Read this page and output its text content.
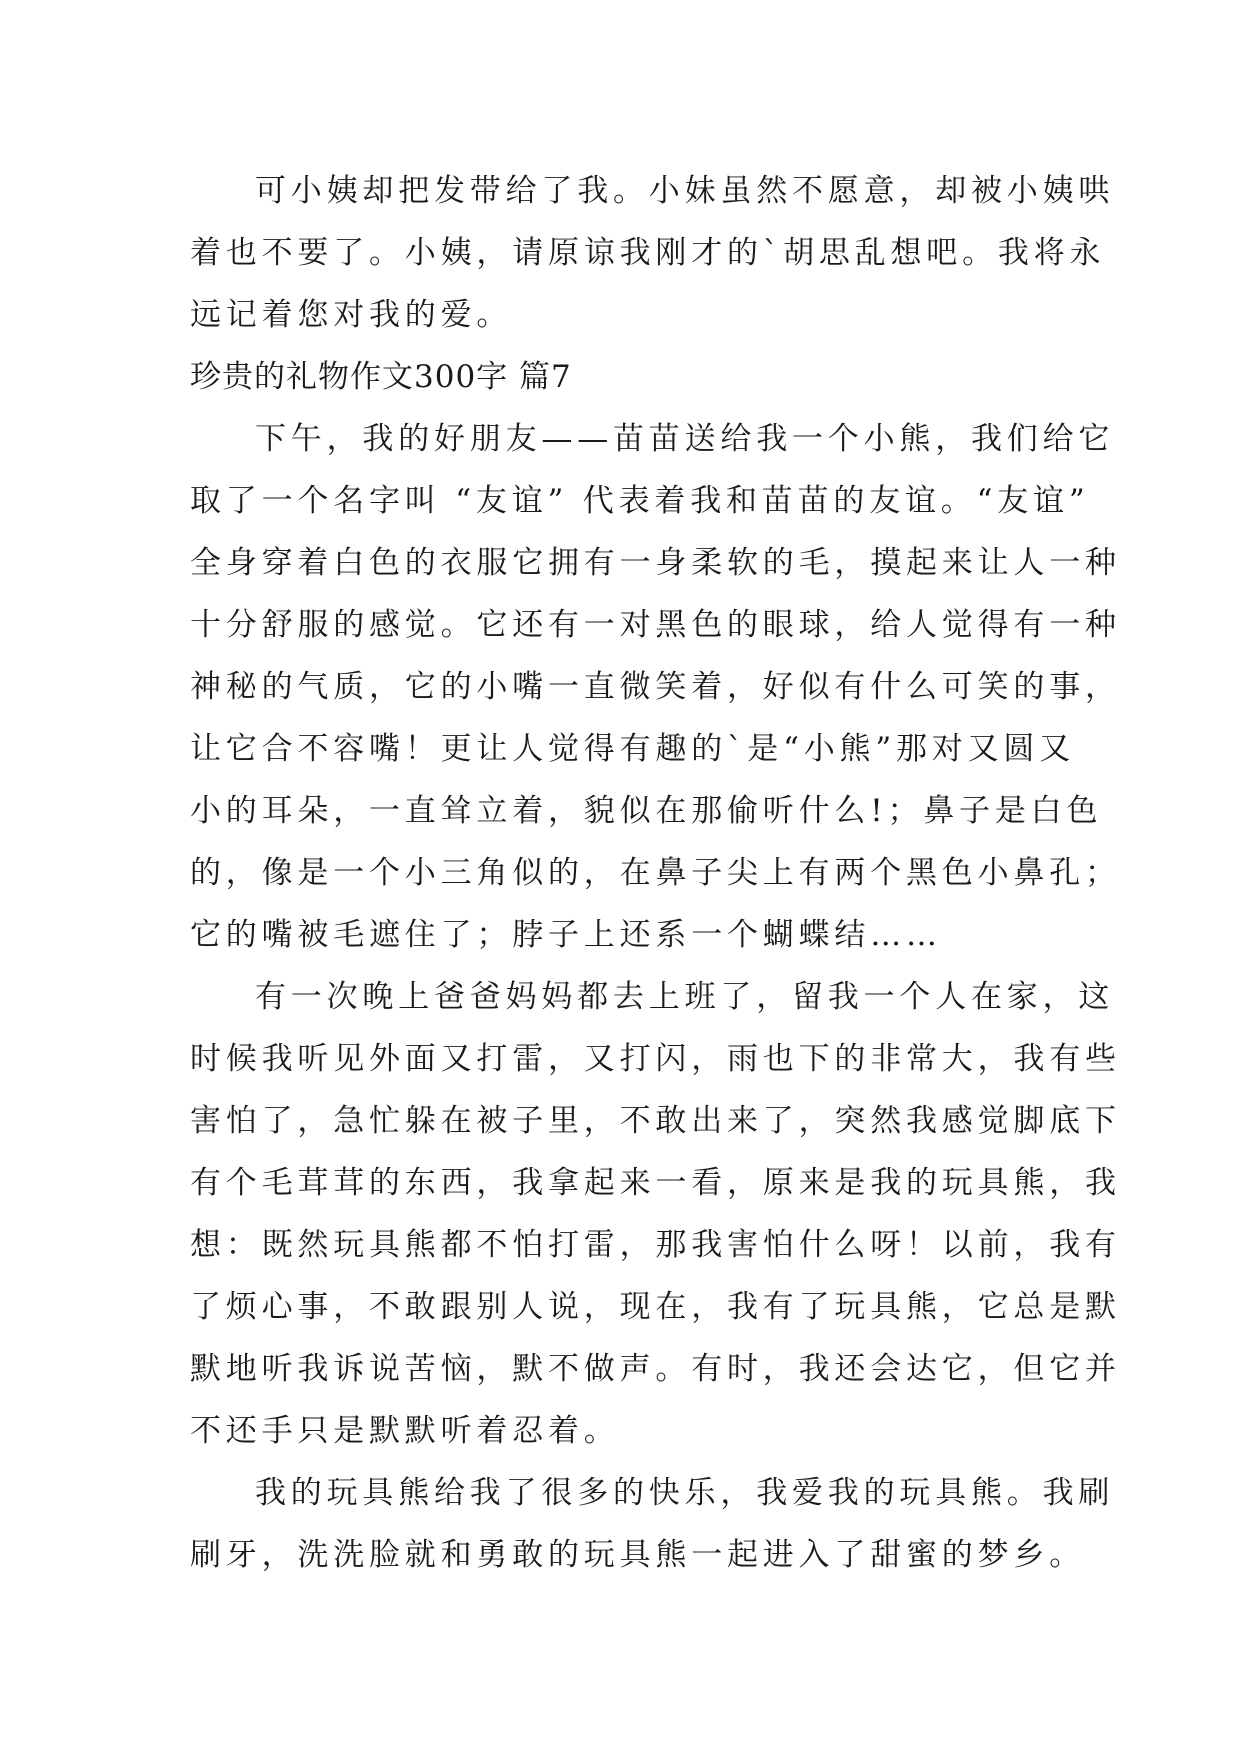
可小姨却把发带给了我。小妹虽然不愿意，却被小姨哄
着也不要了。小姨，请原谅我刚才的`胡思乱想吧。我将永
远记着您对我的爱。
珍贵的礼物作文300字 篇7
下午，我的好朋友——苗苗送给我一个小熊，我们给它
取了一个名字叫 “友谊” 代表着我和苗苗的友谊。“友谊”
全身穿着白色的衣服它拥有一身柔软的毛，摸起来让人一种
十分舒服的感觉。它还有一对黑色的眼球，给人觉得有一种
神秘的气质，它的小嘴一直微笑着，好似有什么可笑的事，
让它合不容嘴！更让人觉得有趣的`是“小熊”那对又圆又
小的耳朵，一直耸立着，貌似在那偷听什么!；鼻子是白色
的，像是一个小三角似的，在鼻子尖上有两个黑色小鼻孔；
它的嘴被毛遮住了；脖子上还系一个蝴蝶结……
有一次晚上爸爸妈妈都去上班了，留我一个人在家，这
时候我听见外面又打雷，又打闪，雨也下的非常大，我有些
害怕了，急忙躲在被子里，不敢出来了，突然我感觉脚底下
有个毛茸茸的东西，我拿起来一看，原来是我的玩具熊，我
想：既然玩具熊都不怕打雷，那我害怕什么呀！以前，我有
了烦心事，不敢跟别人说，现在，我有了玩具熊，它总是默
默地听我诉说苦恼，默不做声。有时，我还会达它，但它并
不还手只是默默听着忍着。
我的玩具熊给我了很多的快乐，我爱我的玩具熊。我刷
刷牙，洗洗脸就和勇敢的玩具熊一起进入了甜蜜的梦乡。
